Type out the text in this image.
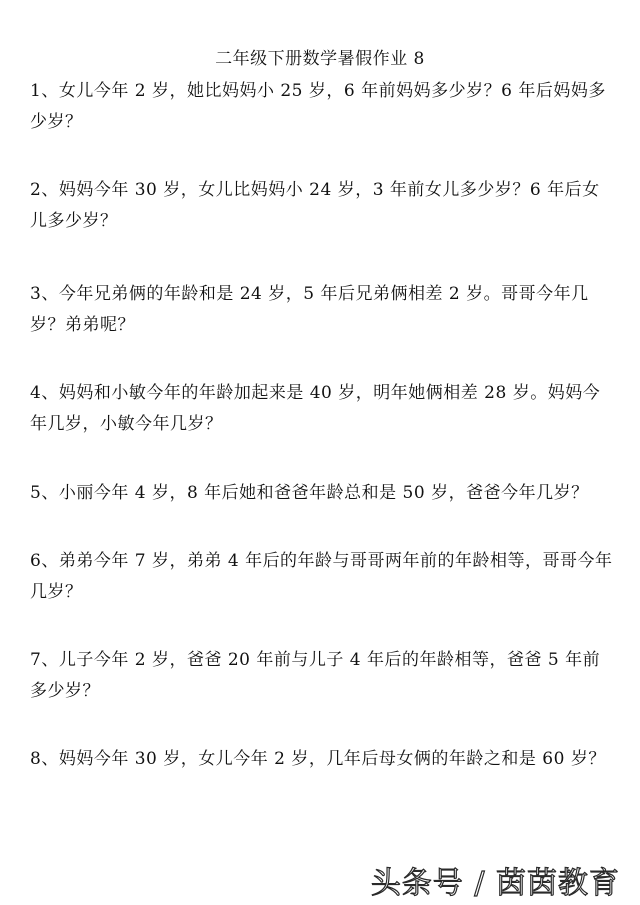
二年级下册数学暑假作业 8
1、女儿今年 2 岁，她比妈妈小 25 岁，6 年前妈妈多少岁？6 年后妈妈多少岁？
2、妈妈今年 30 岁，女儿比妈妈小 24 岁，3 年前女儿多少岁？6 年后女儿多少岁？
3、今年兄弟俩的年龄和是 24 岁，5 年后兄弟俩相差 2 岁。哥哥今年几岁？弟弟呢？
4、妈妈和小敏今年的年龄加起来是 40 岁，明年她俩相差 28 岁。妈妈今年几岁，小敏今年几岁？
5、小丽今年 4 岁，8 年后她和爸爸年龄总和是 50 岁，爸爸今年几岁？
6、弟弟今年 7 岁，弟弟 4 年后的年龄与哥哥两年前的年龄相等，哥哥今年几岁？
7、儿子今年 2 岁，爸爸 20 年前与儿子 4 年后的年龄相等，爸爸 5 年前多少岁？
8、妈妈今年 30 岁，女儿今年 2 岁，几年后母女俩的年龄之和是 60 岁？
头条号 / 茵茵教育
